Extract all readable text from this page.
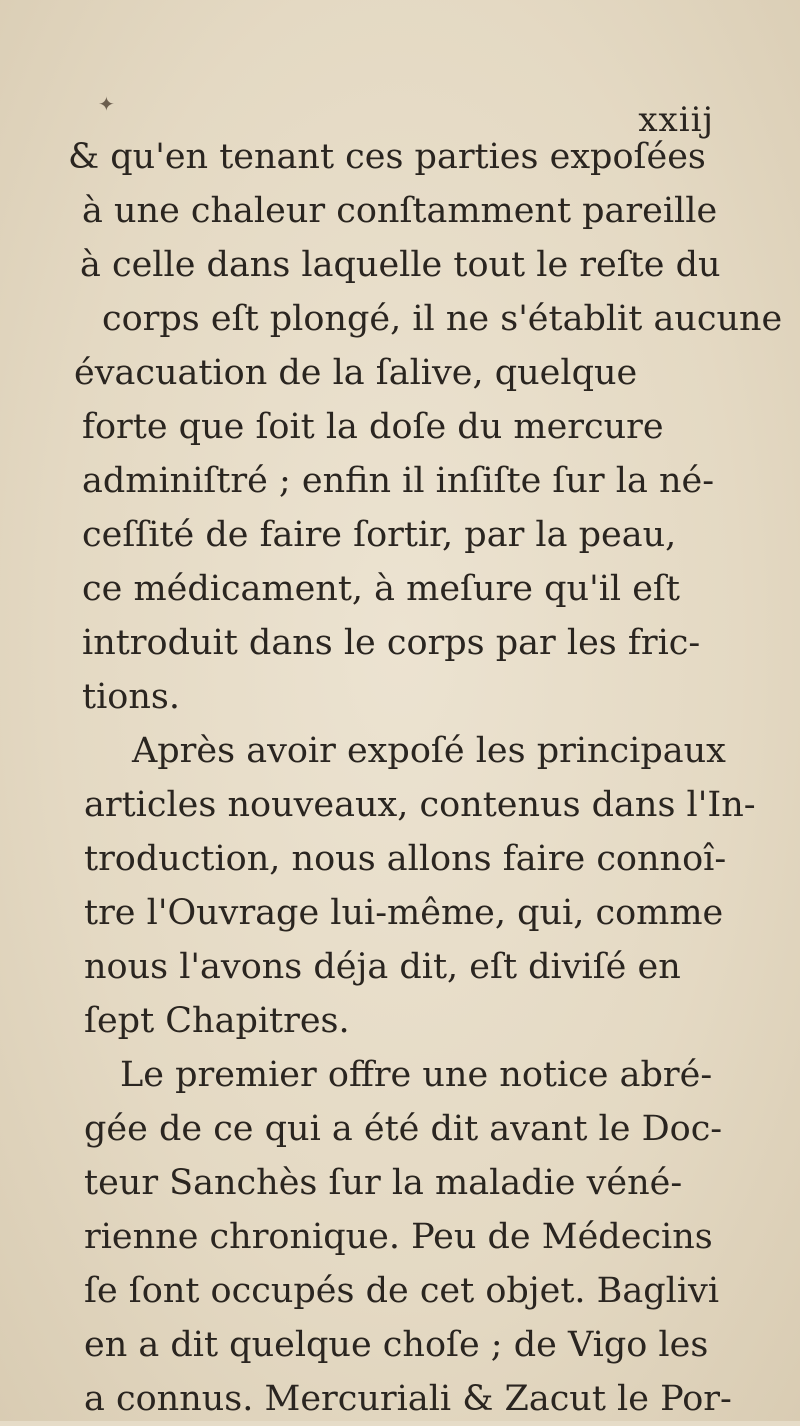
✦	xxiij
& qu'en tenant ces parties expoſées
à une chaleur conſtamment pareille
à celle dans laquelle tout le reſte du
corps eſt plongé, il ne s'établit aucune
évacuation de la ſalive, quelque
forte que ſoit la doſe du mercure
adminiſtré ; enfin il inſiſte ſur la né-
ceſſité de faire ſortir, par la peau,
ce médicament, à meſure qu'il eſt
introduit dans le corps par les fric-
tions.
Après avoir expoſé les principaux
articles nouveaux, contenus dans l'In-
troduction, nous allons faire connoî-
tre l'Ouvrage lui-même, qui, comme
nous l'avons déja dit, eſt diviſé en
ſept Chapitres.
Le premier offre une notice abré-
gée de ce qui a été dit avant le Doc-
teur Sanchès ſur la maladie véné-
rienne chronique. Peu de Médecins
ſe ſont occupés de cet objet. Baglivi
en a dit quelque choſe ; de Vigo les
a connus. Mercuriali & Zacut le Por-
